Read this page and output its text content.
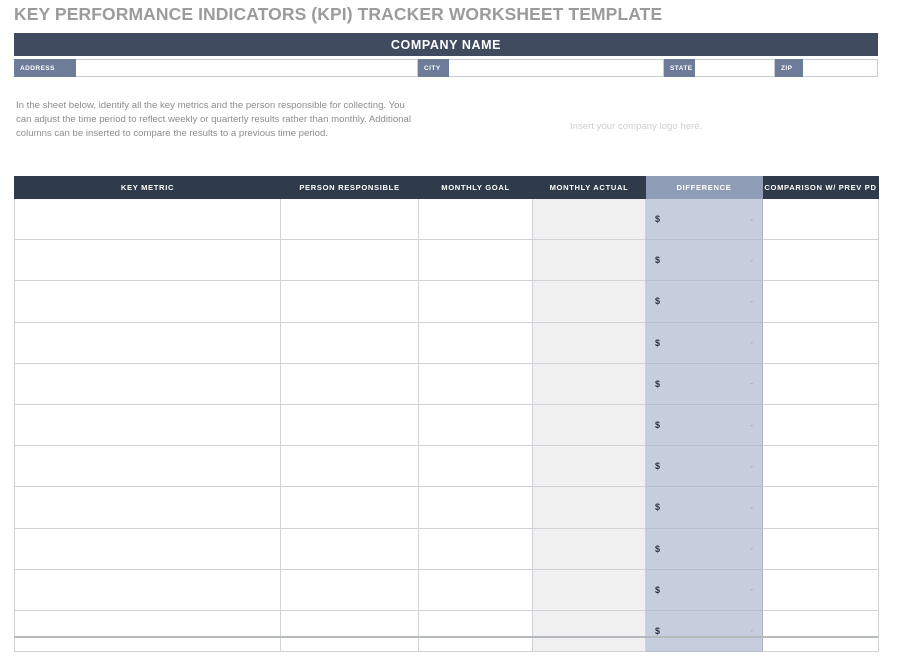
KEY PERFORMANCE INDICATORS (KPI) TRACKER WORKSHEET TEMPLATE
COMPANY NAME
ADDRESS	CITY	STATE	ZIP
In the sheet below, identify all the key metrics and the person responsible for collecting. You can adjust the time period to reflect weekly or quarterly results rather than monthly. Additional columns can be inserted to compare the results to a previous time period.
Insert your company logo here.
KEY METRIC	PERSON RESPONSIBLE	MONTHLY GOAL	MONTHLY ACTUAL	DIFFERENCE	COMPARISON W/ PREV PD

				$ -	

				$ -	

				$ -	

				$ -	

				$ -	

				$ -	

				$ -	

				$ -	

				$ -	

				$ -	

				$ -	
